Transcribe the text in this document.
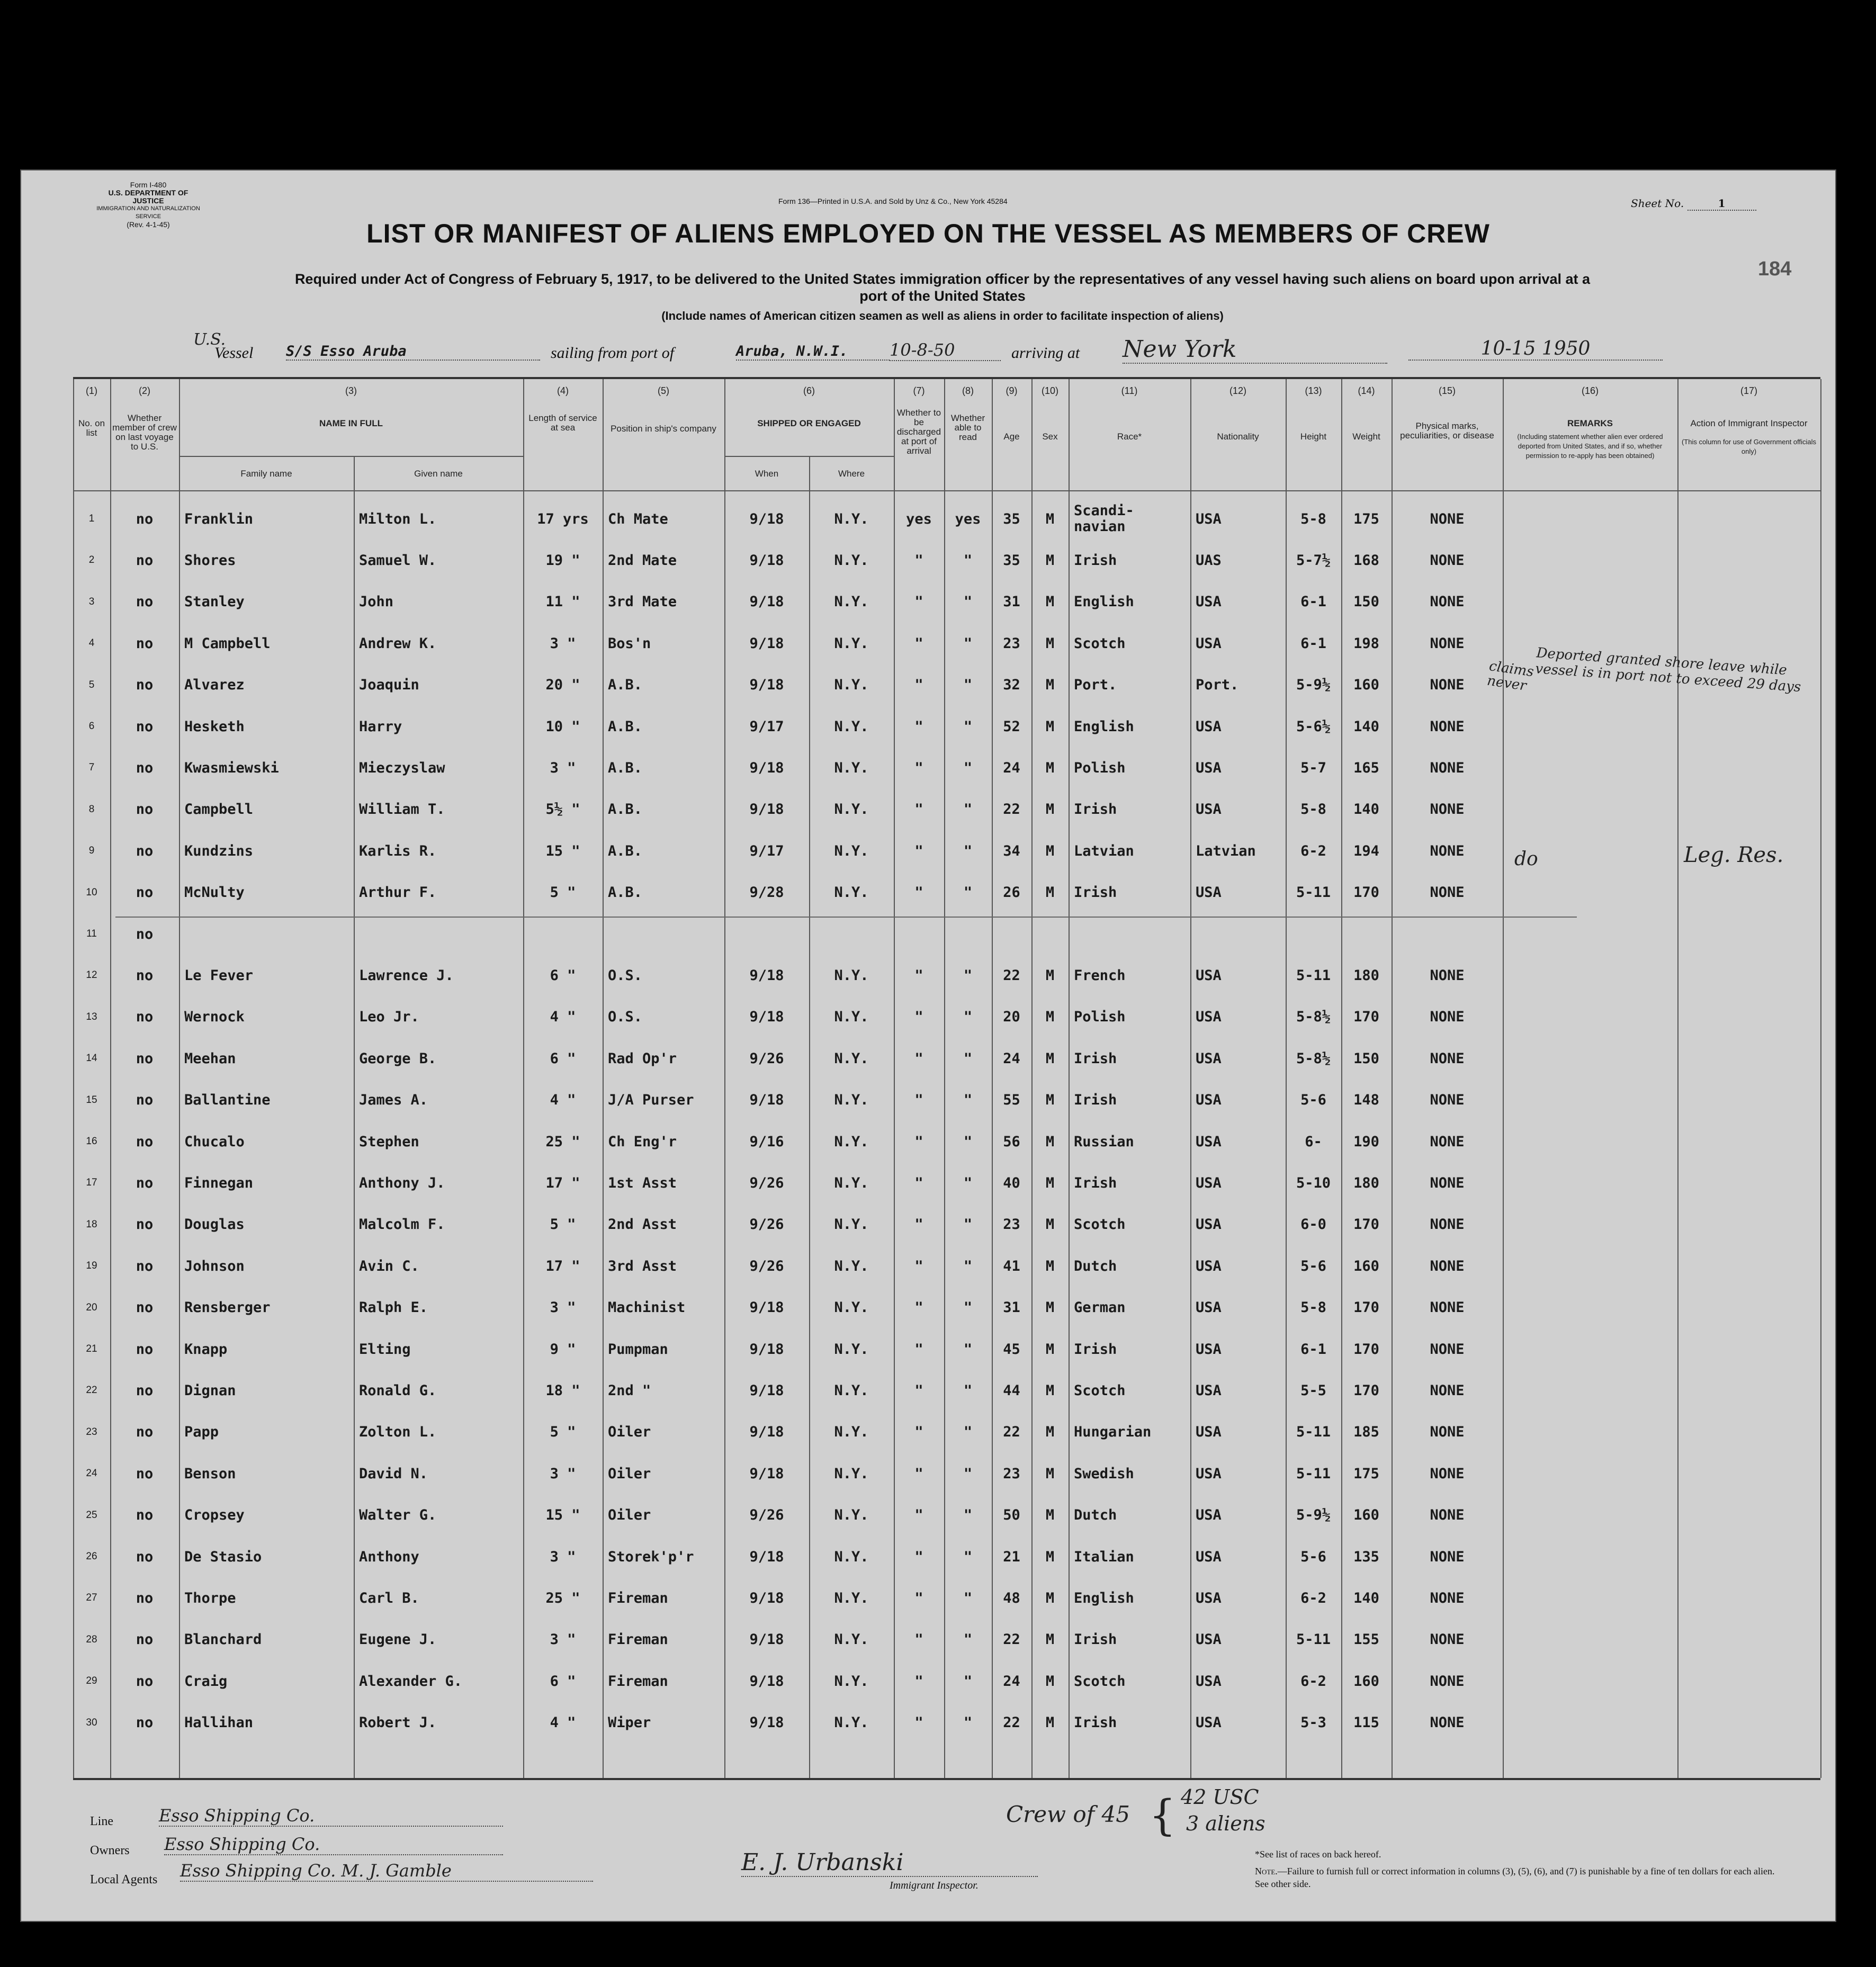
Form I-480
U.S. DEPARTMENT OF JUSTICE
IMMIGRATION AND NATURALIZATION SERVICE
(Rev. 4-1-45)
Form 136—Printed in U.S.A. and Sold by Unz & Co., New York 45284	Sheet No.	1
LIST OR MANIFEST OF ALIENS EMPLOYED ON THE VESSEL AS MEMBERS OF CREW
184
Required under Act of Congress of February 5, 1917, to be delivered to the United States immigration officer by the representatives of any vessel having such aliens on board upon arrival at a
port of the United States
(Include names of American citizen seamen as well as aliens in order to facilitate inspection of aliens)
U.S.
Vessel S/S Esso Aruba	sailing from port of	Aruba, N.W.I.	10-8-50	arriving at New York	10-15 1950
(1)	(2)	(3)	(4)	(5)	(6)	(7)	(8)	(9)	(10)	(11)	(12)	(13)	(14)	(15)	(16)	(17)
No. on list
Whether member of crew on last voyage to U.S.
NAME IN FULL
Length of service at sea	Position in ship's company
SHIPPED OR ENGAGED
Whether to be discharged at port of arrival
Whether able to read	Age	Sex	Race*	Nationality	Height	Weight
Physical marks, peculiarities, or disease
REMARKS	Action of Immigrant Inspector
Family name	Given name	When	Where
(Including statement whether alien ever ordered deported from United States, and if so, whether permission to re-apply has been obtained)
(This column for use of Government officials only)
1	no	Franklin	Milton L.	17 yrs	Ch Mate	9/18	N.Y.	yes	yes	35	M	Scandi-navian	USA	5-8	175	NONE
2	no	Shores	Samuel W.	19 "	2nd Mate	9/18	N.Y.	"	"	35	M	Irish	UAS	5-7½	168	NONE
3	no	Stanley	John	11 "	3rd Mate	9/18	N.Y.	"	"	31	M	English	USA	6-1	150	NONE
4	no	M Campbell	Andrew K.	3 "	Bos'n	9/18	N.Y.	"	"	23	M	Scotch	USA	6-1	198	NONE
5	no	Alvarez	Joaquin	20 "	A.B.	9/18	N.Y.	"	"	32	M	Port.	Port.	5-9½	160	NONE
6	no	Hesketh	Harry	10 "	A.B.	9/17	N.Y.	"	"	52	M	English	USA	5-6½	140	NONE
7	no	Kwasmiewski	Mieczyslaw	3 "	A.B.	9/18	N.Y.	"	"	24	M	Polish	USA	5-7	165	NONE
8	no	Campbell	William T.	5½ "	A.B.	9/18	N.Y.	"	"	22	M	Irish	USA	5-8	140	NONE
9	no	Kundzins	Karlis R.	15 "	A.B.	9/17	N.Y.	"	"	34	M	Latvian	Latvian	6-2	194	NONE
10	no	McNulty	Arthur F.	5 "	A.B.	9/28	N.Y.	"	"	26	M	Irish	USA	5-11	170	NONE
11	no
12	no	Le Fever	Lawrence J.	6 "	O.S.	9/18	N.Y.	"	"	22	M	French	USA	5-11	180	NONE
13	no	Wernock	Leo Jr.	4 "	O.S.	9/18	N.Y.	"	"	20	M	Polish	USA	5-8½	170	NONE
14	no	Meehan	George B.	6 "	Rad Op'r	9/26	N.Y.	"	"	24	M	Irish	USA	5-8½	150	NONE
15	no	Ballantine	James A.	4 "	J/A Purser	9/18	N.Y.	"	"	55	M	Irish	USA	5-6	148	NONE
16	no	Chucalo	Stephen	25 "	Ch Eng'r	9/16	N.Y.	"	"	56	M	Russian	USA	6-	190	NONE
17	no	Finnegan	Anthony J.	17 "	1st Asst	9/26	N.Y.	"	"	40	M	Irish	USA	5-10	180	NONE
18	no	Douglas	Malcolm F.	5 "	2nd Asst	9/26	N.Y.	"	"	23	M	Scotch	USA	6-0	170	NONE
19	no	Johnson	Avin C.	17 "	3rd Asst	9/26	N.Y.	"	"	41	M	Dutch	USA	5-6	160	NONE
20	no	Rensberger	Ralph E.	3 "	Machinist	9/18	N.Y.	"	"	31	M	German	USA	5-8	170	NONE
21	no	Knapp	Elting	9 "	Pumpman	9/18	N.Y.	"	"	45	M	Irish	USA	6-1	170	NONE
22	no	Dignan	Ronald G.	18 "	2nd "	9/18	N.Y.	"	"	44	M	Scotch	USA	5-5	170	NONE
23	no	Papp	Zolton L.	5 "	Oiler	9/18	N.Y.	"	"	22	M	Hungarian	USA	5-11	185	NONE
24	no	Benson	David N.	3 "	Oiler	9/18	N.Y.	"	"	23	M	Swedish	USA	5-11	175	NONE
25	no	Cropsey	Walter G.	15 "	Oiler	9/26	N.Y.	"	"	50	M	Dutch	USA	5-9½	160	NONE
26	no	De Stasio	Anthony	3 "	Storek'p'r	9/18	N.Y.	"	"	21	M	Italian	USA	5-6	135	NONE
27	no	Thorpe	Carl B.	25 "	Fireman	9/18	N.Y.	"	"	48	M	English	USA	6-2	140	NONE
28	no	Blanchard	Eugene J.	3 "	Fireman	9/18	N.Y.	"	"	22	M	Irish	USA	5-11	155	NONE
29	no	Craig	Alexander G.	6 "	Fireman	9/18	N.Y.	"	"	24	M	Scotch	USA	6-2	160	NONE
30	no	Hallihan	Robert J.	4 "	Wiper	9/18	N.Y.	"	"	22	M	Irish	USA	5-3	115	NONE
claims never
Deported granted shore leave while vessel is in port not to exceed 29 days
do	Leg. Res.
Line	Esso Shipping Co.
Owners Esso Shipping Co.
Local Agents Esso Shipping Co. M. J. Gamble	E. J. Urbanski
Immigrant Inspector.
Crew of 45 { 42 USC
3 aliens
*See list of races on back hereof.
Note.—Failure to furnish full or correct information in columns (3), (5), (6), and (7) is punishable by a fine of ten dollars for each alien. See other side.
